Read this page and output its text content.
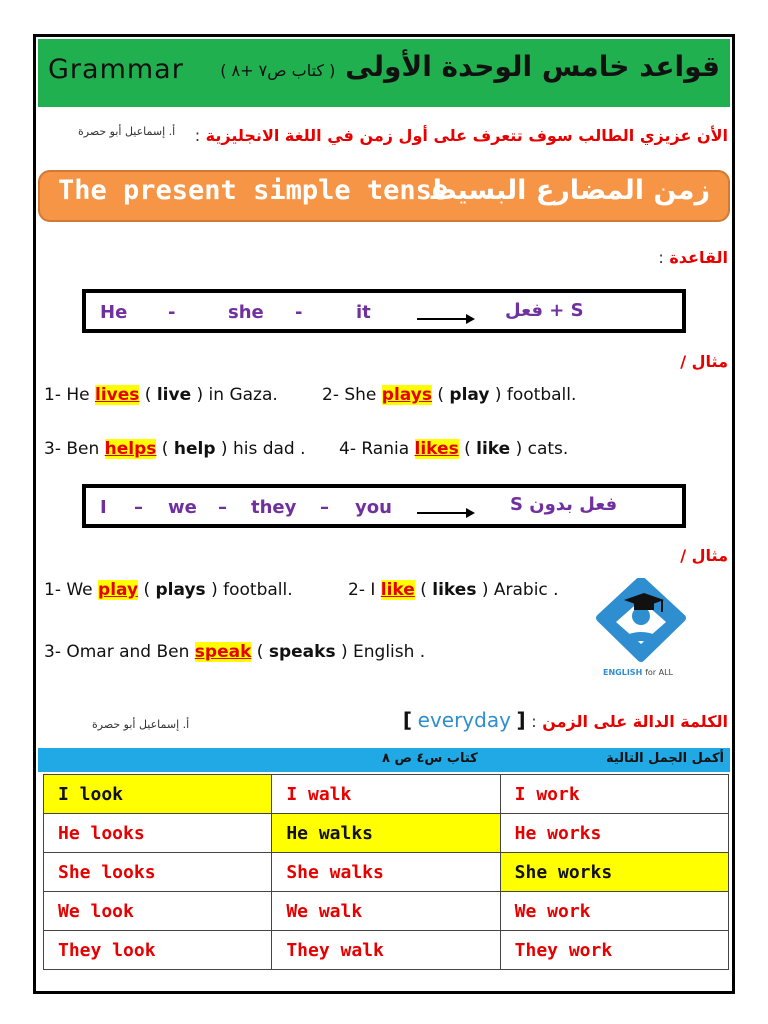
Grammar	قواعد خامس الوحدة الأولى ( كتاب ص٧ +٨ )
الأن عزيزي الطالب سوف تتعرف على أول زمن في اللغة الانجليزية :
أ. إسماعيل أبو حصرة
The present simple tense
زمن المضارع البسيط
القاعدة :
He -	she -	it	S + فعل
مثال /
1- He lives ( live ) in Gaza.	2- She plays ( play ) football.
3- Ben helps ( help ) his dad . 4- Rania likes ( like ) cats.
I – we – they – you	فعل بدون S
مثال /
1- We play ( plays ) football.	2- I like ( likes ) Arabic .
3- Omar and Ben speak ( speaks ) English .
ENGLISH for ALL
الكلمة الدالة على الزمن : [ everyday ]
أ. إسماعيل أبو حصرة
كتاب س٤ ص ٨	أكمل الجمل التالية
I look	I walk	I work
He looks	He walks	He works
She looks	She walks	She works
We look	We walk	We work
They look	They walk	They work
